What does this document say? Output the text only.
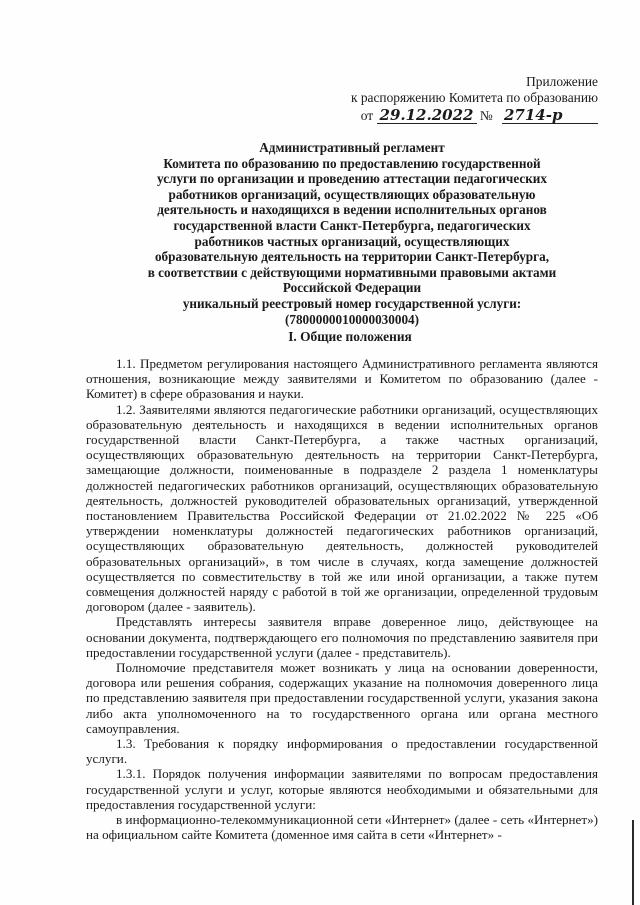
Приложение
к распоряжению Комитета по образованию
от 29.12.2022 № 2714-р
Административный регламент
Комитета по образованию по предоставлению государственной
услуги по организации и проведению аттестации педагогических
работников организаций, осуществляющих образовательную
деятельность и находящихся в ведении исполнительных органов
государственной власти Санкт-Петербурга, педагогических
работников частных организаций, осуществляющих
образовательную деятельность на территории Санкт-Петербурга,
в соответствии с действующими нормативными правовыми актами
Российской Федерации
уникальный реестровый номер государственной услуги:
(7800000010000030004)
I. Общие положения

1.1. Предметом регулирования настоящего Административного регламента являются отношения, возникающие между заявителями и Комитетом по образованию (далее - Комитет) в сфере образования и науки.

1.2. Заявителями являются педагогические работники организаций, осуществляющих образовательную деятельность и находящихся в ведении исполнительных органов государственной власти Санкт-Петербурга, а также частных организаций, осуществляющих образовательную деятельность на территории Санкт-Петербурга, замещающие должности, поименованные в подразделе 2 раздела 1 номенклатуры должностей педагогических работников организаций, осуществляющих образовательную деятельность, должностей руководителей образовательных организаций, утвержденной постановлением Правительства Российской Федерации от 21.02.2022 № 225 «Об утверждении номенклатуры должностей педагогических работников организаций, осуществляющих образовательную деятельность, должностей руководителей образовательных организаций», в том числе в случаях, когда замещение должностей осуществляется по совместительству в той же или иной организации, а также путем совмещения должностей наряду с работой в той же организации, определенной трудовым договором (далее - заявитель).

Представлять интересы заявителя вправе доверенное лицо, действующее на основании документа, подтверждающего его полномочия по представлению заявителя при предоставлении государственной услуги (далее - представитель).

Полномочие представителя может возникать у лица на основании доверенности, договора или решения собрания, содержащих указание на полномочия доверенного лица по представлению заявителя при предоставлении государственной услуги, указания закона либо акта уполномоченного на то государственного органа или органа местного самоуправления.

1.3. Требования к порядку информирования о предоставлении государственной услуги.

1.3.1. Порядок получения информации заявителями по вопросам предоставления государственной услуги и услуг, которые являются необходимыми и обязательными для предоставления государственной услуги:

в информационно-телекоммуникационной сети «Интернет» (далее - сеть «Интернет») на официальном сайте Комитета (доменное имя сайта в сети «Интернет» -
